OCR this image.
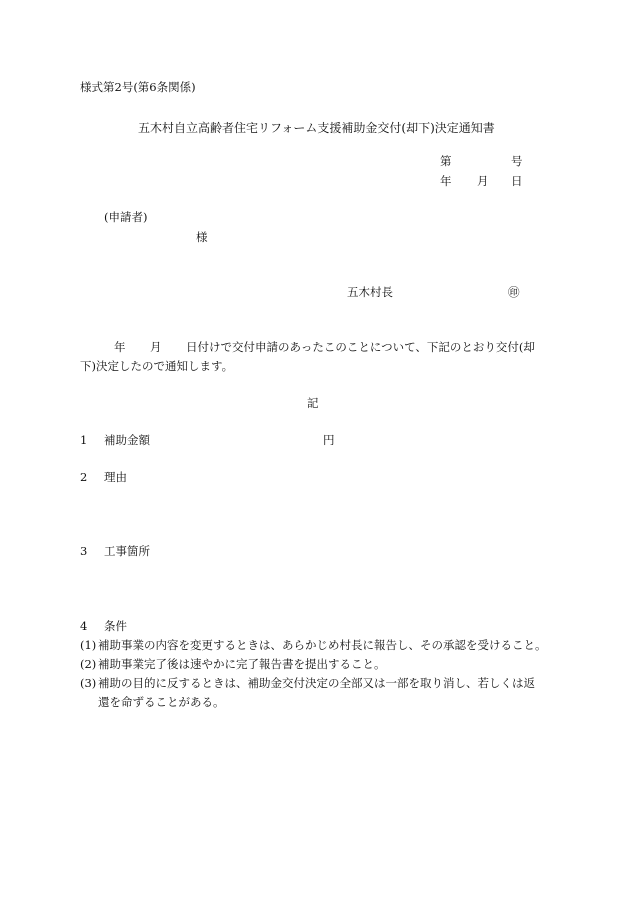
様式第2号(第6条関係)
五木村自立高齢者住宅リフォーム支援補助金交付(却下)決定通知書
第	号
年 月 日
(申請者)
様
五木村長	㊞
年 月 日付けで交付申請のあったこのことについて、下記のとおり交付(却
下)決定したので通知します。
記
1 補助金額	円
2 理由
3 工事箇所
4 条件
(1) 補助事業の内容を変更するときは、あらかじめ村長に報告し、その承認を受けること。
(2) 補助事業完了後は速やかに完了報告書を提出すること。
(3) 補助の目的に反するときは、補助金交付決定の全部又は一部を取り消し、若しくは返
還を命ずることがある。
